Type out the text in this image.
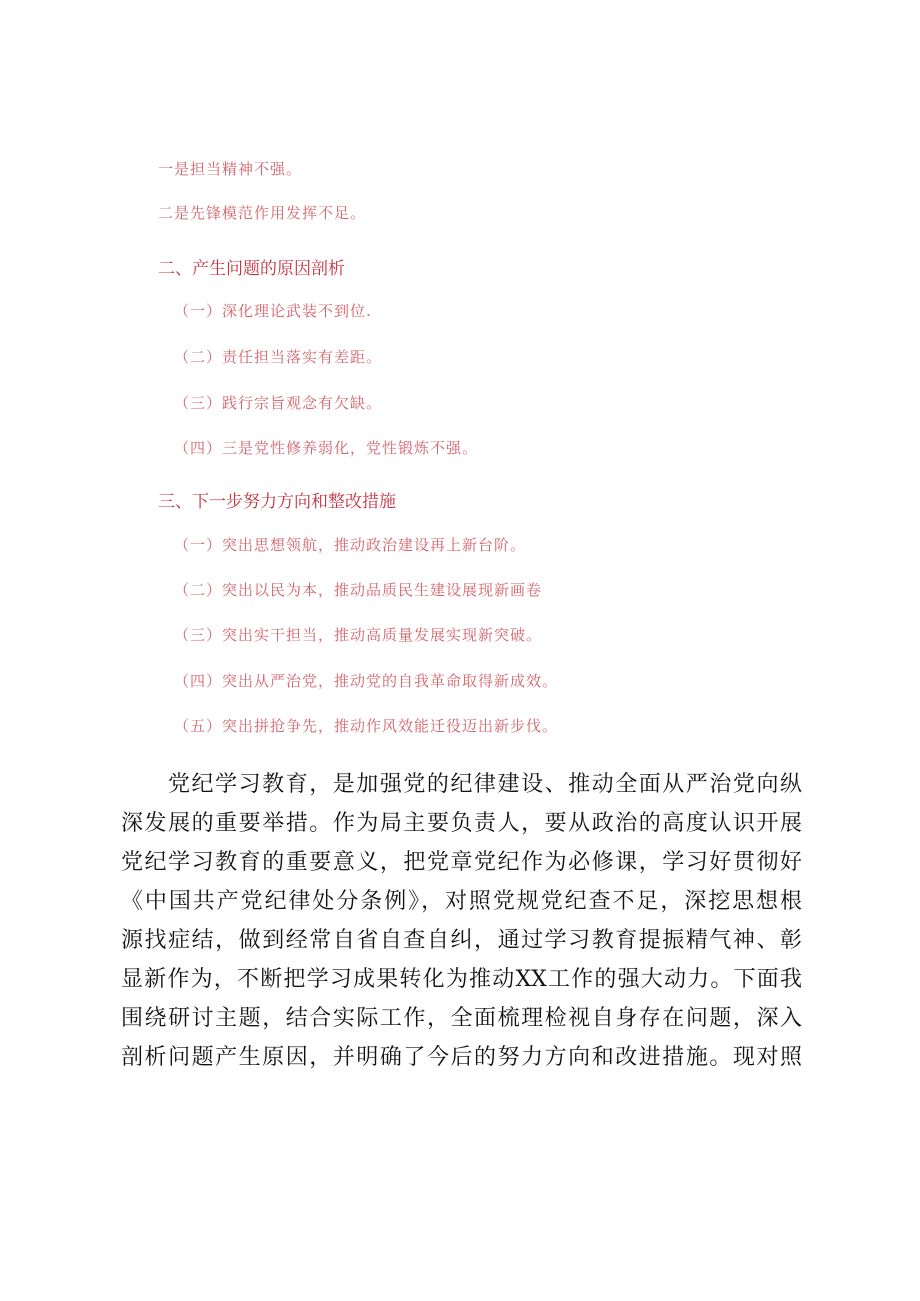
一是担当精神不强。
二是先锋模范作用发挥不足。
二、产生问题的原因剖析
（一）深化理论武装不到位.
（二）责任担当落实有差距。
（三）践行宗旨观念有欠缺。
（四）三是党性修养弱化，党性锻炼不强。
三、下一步努力方向和整改措施
（一）突出思想领航，推动政治建设再上新台阶。
（二）突出以民为本，推动品质民生建设展现新画卷
（三）突出实干担当，推动高质量发展实现新突破。
（四）突出从严治党，推动党的自我革命取得新成效。
（五）突出拼抢争先，推动作风效能迁役迈出新步伐。
党纪学习教育，是加强党的纪律建设、推动全面从严治党向纵
深发展的重要举措。作为局主要负责人，要从政治的高度认识开展
党纪学习教育的重要意义，把党章党纪作为必修课，学习好贯彻好
《中国共产党纪律处分条例》，对照党规党纪查不足，深挖思想根
源找症结，做到经常自省自查自纠，通过学习教育提振精气神、彰
显新作为，不断把学习成果转化为推动XX工作的强大动力。下面我
围绕研讨主题，结合实际工作，全面梳理检视自身存在问题，深入
剖析问题产生原因，并明确了今后的努力方向和改进措施。现对照
